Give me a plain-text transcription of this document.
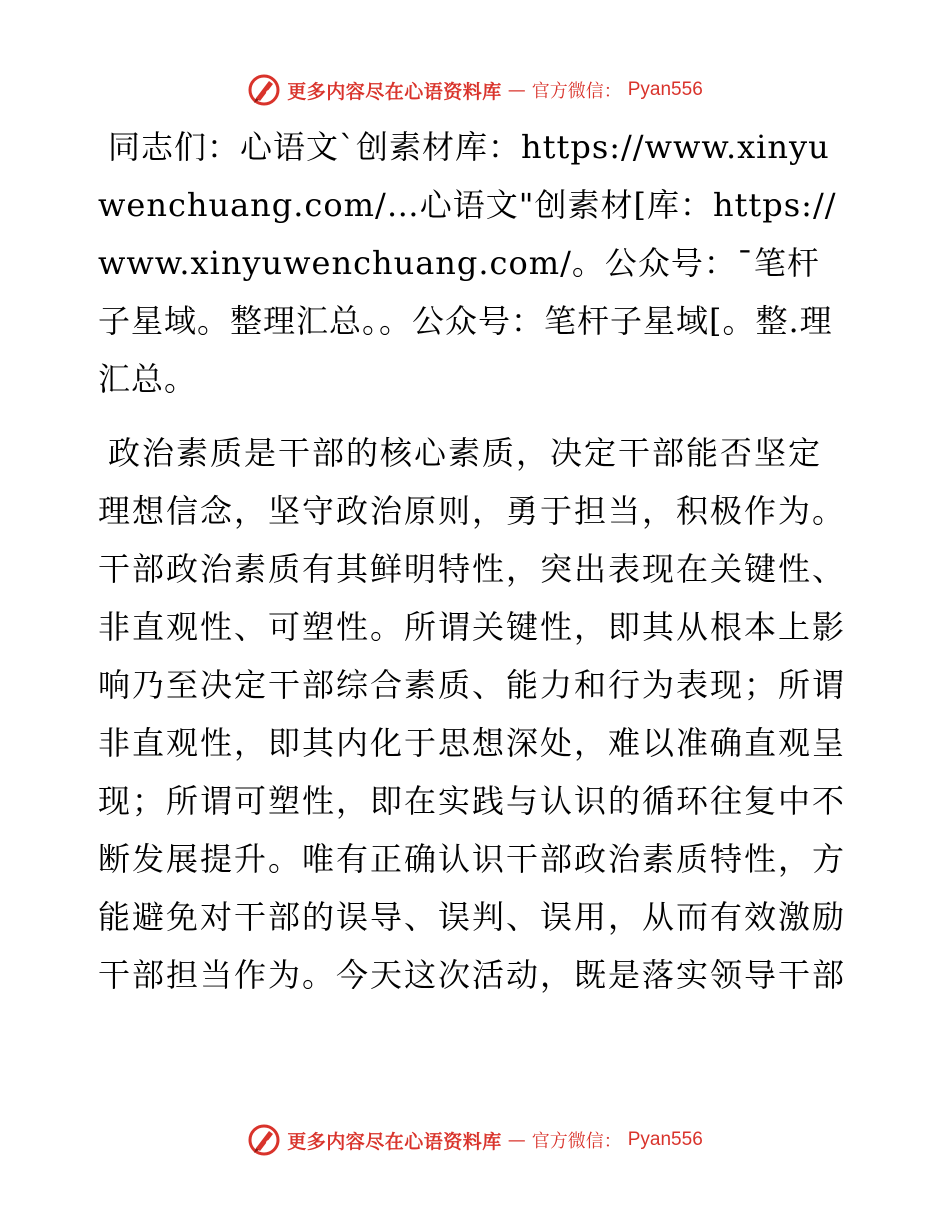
更多内容尽在心语资料库 — 官方微信： Pyan556

同志们：心语文`创素材库：https://www.xinyuwenchuang.com/…心语文"创素材[库：https://www.xinyuwenchuang.com/。公众号：¯笔杆子星域。整理汇总。。公众号：笔杆子星域[。整.理汇总。

政治素质是干部的核心素质，决定干部能否坚定理想信念，坚守政治原则，勇于担当，积极作为。干部政治素质有其鲜明特性，突出表现在关键性、非直观性、可塑性。所谓关键性，即其从根本上影响乃至决定干部综合素质、能力和行为表现；所谓非直观性，即其内化于思想深处，难以准确直观呈现；所谓可塑性，即在实践与认识的循环往复中不断发展提升。唯有正确认识干部政治素质特性，方能避免对干部的误导、误判、误用，从而有效激励干部担当作为。今天这次活动，既是落实领导干部

更多内容尽在心语资料库 — 官方微信： Pyan556
